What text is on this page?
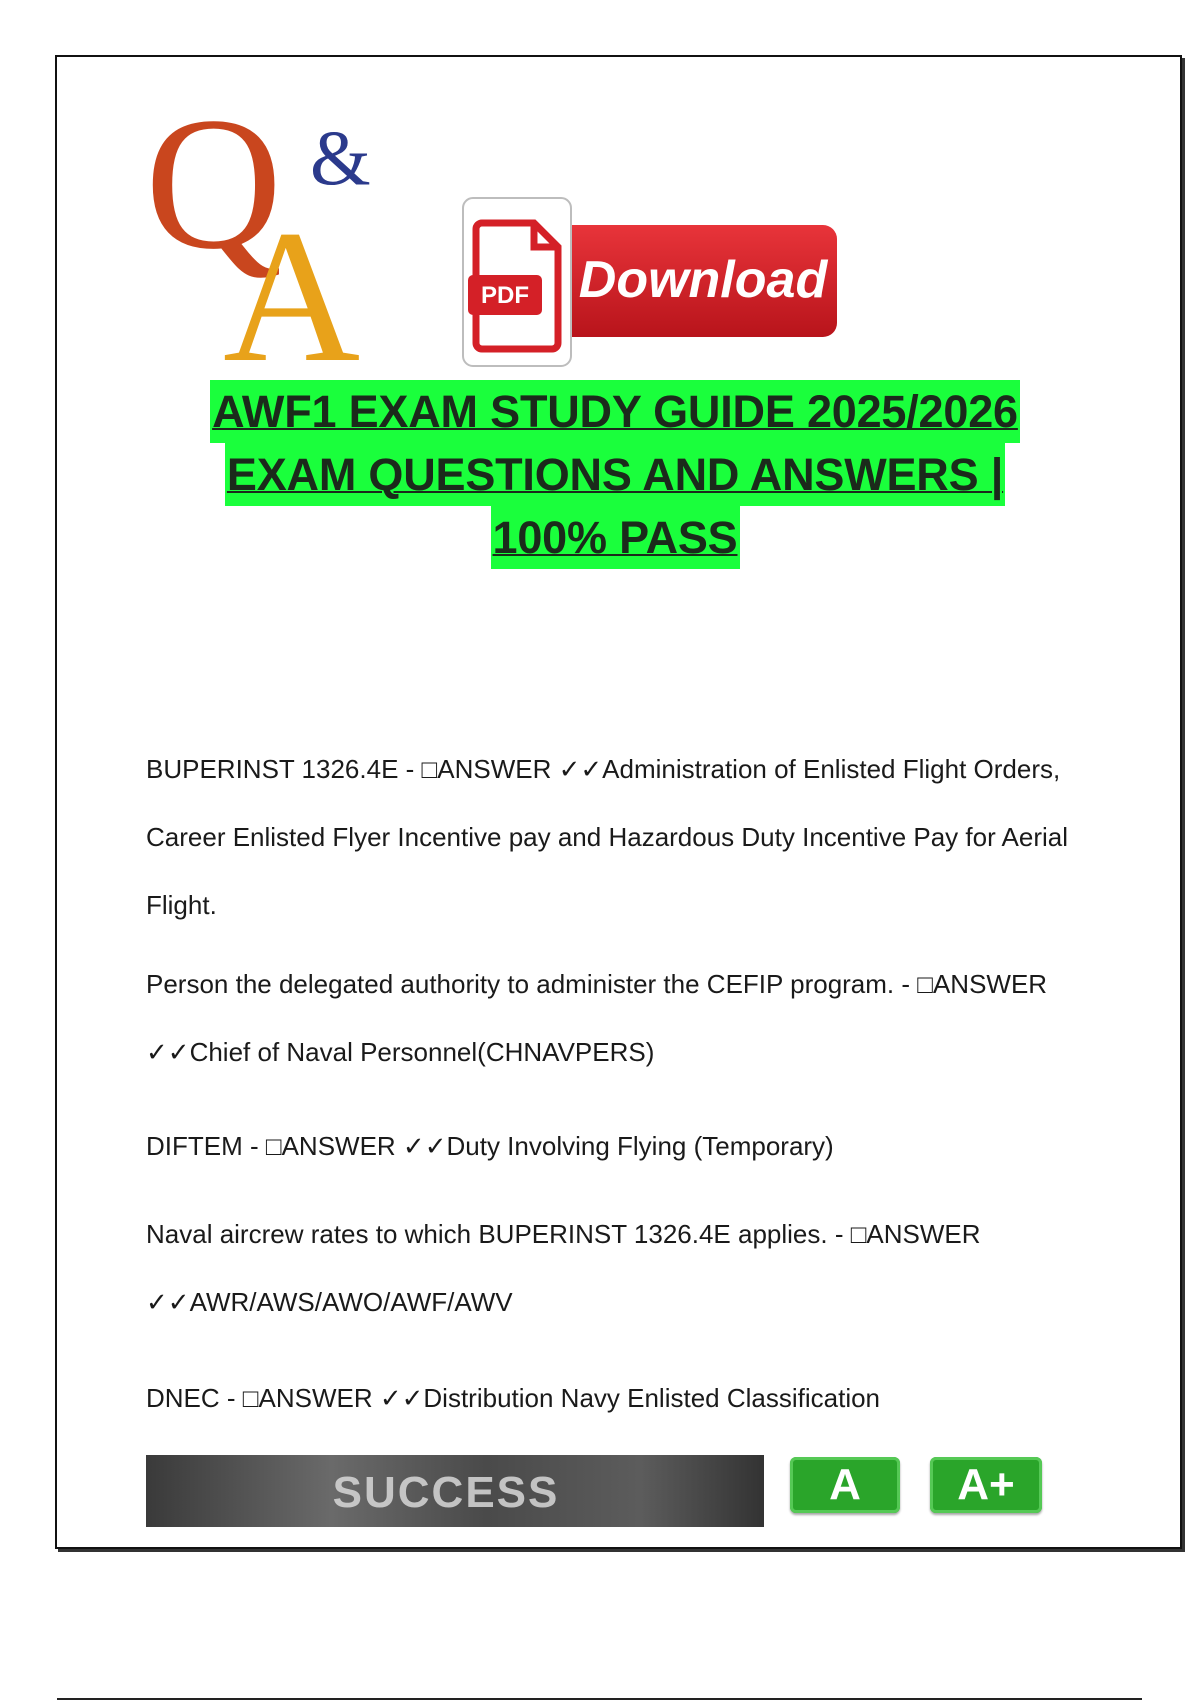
Q &
A	PDF Download
AWF1 EXAM STUDY GUIDE 2025/2026
EXAM QUESTIONS AND ANSWERS |
100% PASS
BUPERINST 1326.4E - □ANSWER ✓✓Administration of Enlisted Flight Orders, Career Enlisted Flyer Incentive pay and Hazardous Duty Incentive Pay for Aerial Flight.
Person the delegated authority to administer the CEFIP program. - □ANSWER ✓✓Chief of Naval Personnel(CHNAVPERS)
DIFTEM - □ANSWER ✓✓Duty Involving Flying (Temporary)
Naval aircrew rates to which BUPERINST 1326.4E applies. - □ANSWER ✓✓AWR/AWS/AWO/AWF/AWV
DNEC - □ANSWER ✓✓Distribution Navy Enlisted Classification
SUCCESS	A	A+
